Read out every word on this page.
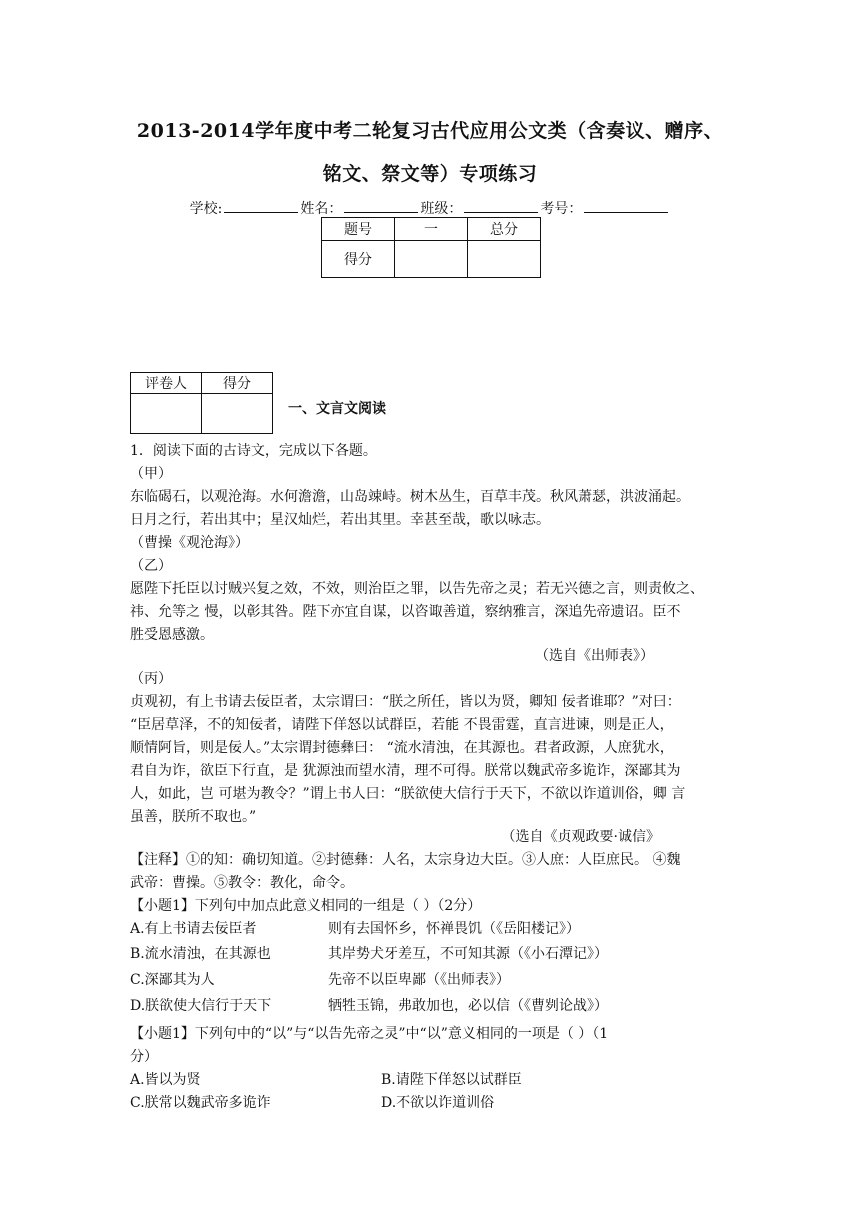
2013-2014学年度中考二轮复习古代应用公文类（含奏议、赠序、
铭文、祭文等）专项练习
学校:	姓名：	班级：	考号：
题号	一	总分
得分		
评卷人	得分

一、文言文阅读
1．阅读下面的古诗文，完成以下各题。
（甲）
东临碣石，以观沧海。水何澹澹，山岛竦峙。树木丛生，百草丰茂。秋风萧瑟，洪波涌起。
日月之行，若出其中；星汉灿烂，若出其里。幸甚至哉，歌以咏志。
（曹操《观沧海》）
（乙）
愿陛下托臣以讨贼兴复之效，不效，则治臣之罪，以告先帝之灵；若无兴德之言，则责攸之、
祎、允等之 慢，以彰其咎。陛下亦宜自谋，以咨诹善道，察纳雅言，深追先帝遗诏。臣不
胜受恩感激。
（选自《出师表》）
（丙）
贞观初，有上书请去佞臣者，太宗谓曰：“朕之所任，皆以为贤，卿知 佞者谁耶？”对曰：
“臣居草泽，不的知佞者，请陛下佯怒以试群臣，若能 不畏雷霆，直言进谏，则是正人，
顺情阿旨，则是佞人。”太宗谓封德彝曰： “流水清浊，在其源也。君者政源，人庶犹水，
君自为诈，欲臣下行直，是 犹源浊而望水清，理不可得。朕常以魏武帝多诡诈，深鄙其为
人，如此，岂 可堪为教令？”谓上书人曰：“朕欲使大信行于天下，不欲以诈道训俗，卿 言
虽善，朕所不取也。”
（选自《贞观政要·诚信》
【注释】①的知：确切知道。②封德彝：人名，太宗身边大臣。③人庶：人臣庶民。 ④魏
武帝：曹操。⑤教令：教化，命令。
【小题1】下列句中加点此意义相同的一组是（ ）（2分）
A.有上书请去佞臣者	则有去国怀乡，怀禅畏饥（《岳阳楼记》）
B.流水清浊，在其源也	其岸势犬牙差互，不可知其源（《小石潭记》）
C.深鄙其为人	先帝不以臣卑鄙（《出师表》）
D.朕欲使大信行于天下	牺牲玉锦，弗敢加也，必以信（《曹刿论战》）
【小题1】下列句中的“以”与“以告先帝之灵”中“以”意义相同的一项是（ ）（1
分）
A.皆以为贤	B.请陛下佯怒以试群臣
C.朕常以魏武帝多诡诈	D.不欲以诈道训俗
